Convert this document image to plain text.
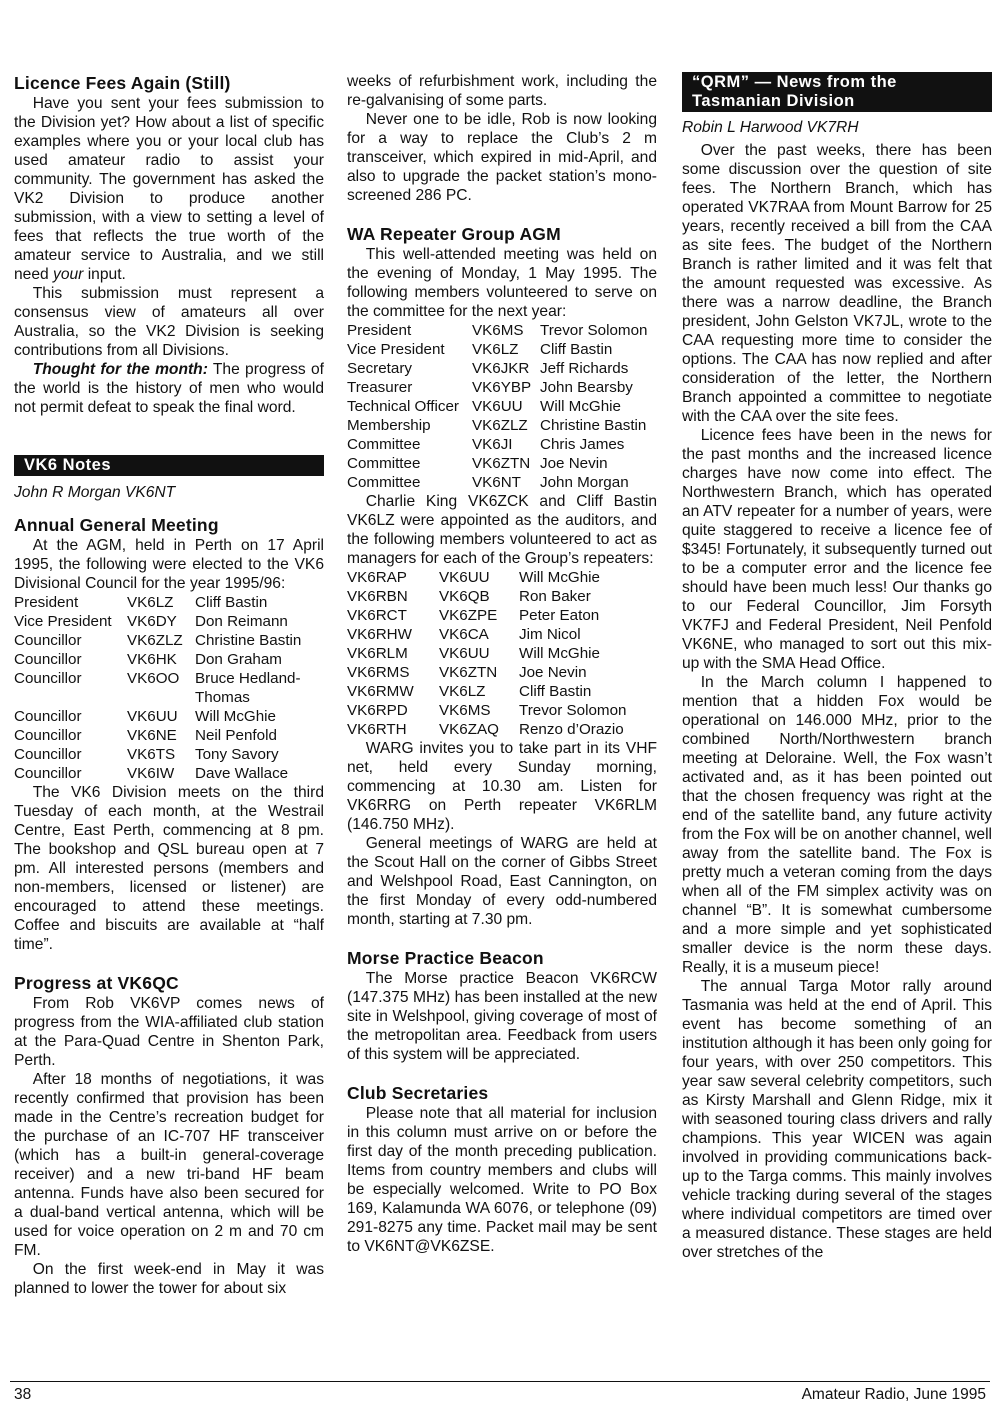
Licence Fees Again (Still)

Have you sent your fees submission to the Division yet? How about a list of specific examples where you or your local club has used amateur radio to assist your community. The government has asked the VK2 Division to produce another submission, with a view to setting a level of fees that reflects the true worth of the amateur service to Australia, and we still need your input.

This submission must represent a consensus view of amateurs all over Australia, so the VK2 Division is seeking contributions from all Divisions.

Thought for the month: The progress of the world is the history of men who would not permit defeat to speak the final word.

VK6 Notes
John R Morgan VK6NT
Annual General Meeting

At the AGM, held in Perth on 17 April 1995, the following were elected to the VK6 Divisional Council for the year 1995/96:

President	VK6LZ	Cliff Bastin
Vice President	VK6DY	Don Reimann
Councillor	VK6ZLZ	Christine Bastin
Councillor	VK6HK	Don Graham
Councillor	VK6OO	Bruce Hedland-Thomas
Councillor	VK6UU	Will McGhie
Councillor	VK6NE	Neil Penfold
Councillor	VK6TS	Tony Savory
Councillor	VK6IW	Dave Wallace

The VK6 Division meets on the third Tuesday of each month, at the Westrail Centre, East Perth, commencing at 8 pm. The bookshop and QSL bureau open at 7 pm. All interested persons (members and non-members, licensed or listener) are encouraged to attend these meetings. Coffee and biscuits are available at “half time”.

Progress at VK6QC

From Rob VK6VP comes news of progress from the WIA-affiliated club station at the Para-Quad Centre in Shenton Park, Perth.

After 18 months of negotiations, it was recently confirmed that provision has been made in the Centre’s recreation budget for the purchase of an IC-707 HF transceiver (which has a built-in general-coverage receiver) and a new tri-band HF beam antenna. Funds have also been secured for a dual-band vertical antenna, which will be used for voice operation on 2 m and 70 cm FM.

On the first week-end in May it was planned to lower the tower for about six

weeks of refurbishment work, including the re-galvanising of some parts.

Never one to be idle, Rob is now looking for a way to replace the Club’s 2 m transceiver, which expired in mid-April, and also to upgrade the packet station’s mono-screened 286 PC.

WA Repeater Group AGM

This well-attended meeting was held on the evening of Monday, 1 May 1995. The following members volunteered to serve on the committee for the next year:

President	VK6MS	Trevor Solomon
Vice President	VK6LZ	Cliff Bastin
Secretary	VK6JKR	Jeff Richards
Treasurer	VK6YBP	John Bearsby
Technical Officer	VK6UU	Will McGhie
Membership	VK6ZLZ	Christine Bastin
Committee	VK6JI	Chris James
Committee	VK6ZTN	Joe Nevin
Committee	VK6NT	John Morgan

Charlie King VK6ZCK and Cliff Bastin VK6LZ were appointed as the auditors, and the following members volunteered to act as managers for each of the Group’s repeaters:

VK6RAP	VK6UU	Will McGhie
VK6RBN	VK6QB	Ron Baker
VK6RCT	VK6ZPE	Peter Eaton
VK6RHW	VK6CA	Jim Nicol
VK6RLM	VK6UU	Will McGhie
VK6RMS	VK6ZTN	Joe Nevin
VK6RMW	VK6LZ	Cliff Bastin
VK6RPD	VK6MS	Trevor Solomon
VK6RTH	VK6ZAQ	Renzo d’Orazio

WARG invites you to take part in its VHF net, held every Sunday morning, commencing at 10.30 am. Listen for VK6RRG on Perth repeater VK6RLM (146.750 MHz).

General meetings of WARG are held at the Scout Hall on the corner of Gibbs Street and Welshpool Road, East Cannington, on the first Monday of every odd-numbered month, starting at 7.30 pm.

Morse Practice Beacon

The Morse practice Beacon VK6RCW (147.375 MHz) has been installed at the new site in Welshpool, giving coverage of most of the metropolitan area. Feedback from users of this system will be appreciated.

Club Secretaries

Please note that all material for inclusion in this column must arrive on or before the first day of the month preceding publication. Items from country members and clubs will be especially welcomed. Write to PO Box 169, Kalamunda WA 6076, or telephone (09) 291-8275 any time. Packet mail may be sent to VK6NT@VK6ZSE.

“QRM” — News from the
Tasmanian Division
Robin L Harwood VK7RH

Over the past weeks, there has been some discussion over the question of site fees. The Northern Branch, which has operated VK7RAA from Mount Barrow for 25 years, recently received a bill from the CAA as site fees. The budget of the Northern Branch is rather limited and it was felt that the amount requested was excessive. As there was a narrow deadline, the Branch president, John Gelston VK7JL, wrote to the CAA requesting more time to consider the options. The CAA has now replied and after consideration of the letter, the Northern Branch appointed a committee to negotiate with the CAA over the site fees.

Licence fees have been in the news for the past months and the increased licence charges have now come into effect. The Northwestern Branch, which has operated an ATV repeater for a number of years, were quite staggered to receive a licence fee of $345! Fortunately, it subsequently turned out to be a computer error and the licence fee should have been much less! Our thanks go to our Federal Councillor, Jim Forsyth VK7FJ and Federal President, Neil Penfold VK6NE, who managed to sort out this mix-up with the SMA Head Office.

In the March column I happened to mention that a hidden Fox would be operational on 146.000 MHz, prior to the combined North/Northwestern branch meeting at Deloraine. Well, the Fox wasn’t activated and, as it has been pointed out that the chosen frequency was right at the end of the satellite band, any future activity from the Fox will be on another channel, well away from the satellite band. The Fox is pretty much a veteran coming from the days when all of the FM simplex activity was on channel “B”. It is somewhat cumbersome and a more simple and yet sophisticated smaller device is the norm these days. Really, it is a museum piece!

The annual Targa Motor rally around Tasmania was held at the end of April. This event has become something of an institution although it has been only going for four years, with over 250 competitors. This year saw several celebrity competitors, such as Kirsty Marshall and Glenn Ridge, mix it with seasoned touring class drivers and rally champions. This year WICEN was again involved in providing communications back-up to the Targa comms. This mainly involves vehicle tracking during several of the stages where individual competitors are timed over a measured distance. These stages are held over stretches of the

38	Amateur Radio, June 1995
